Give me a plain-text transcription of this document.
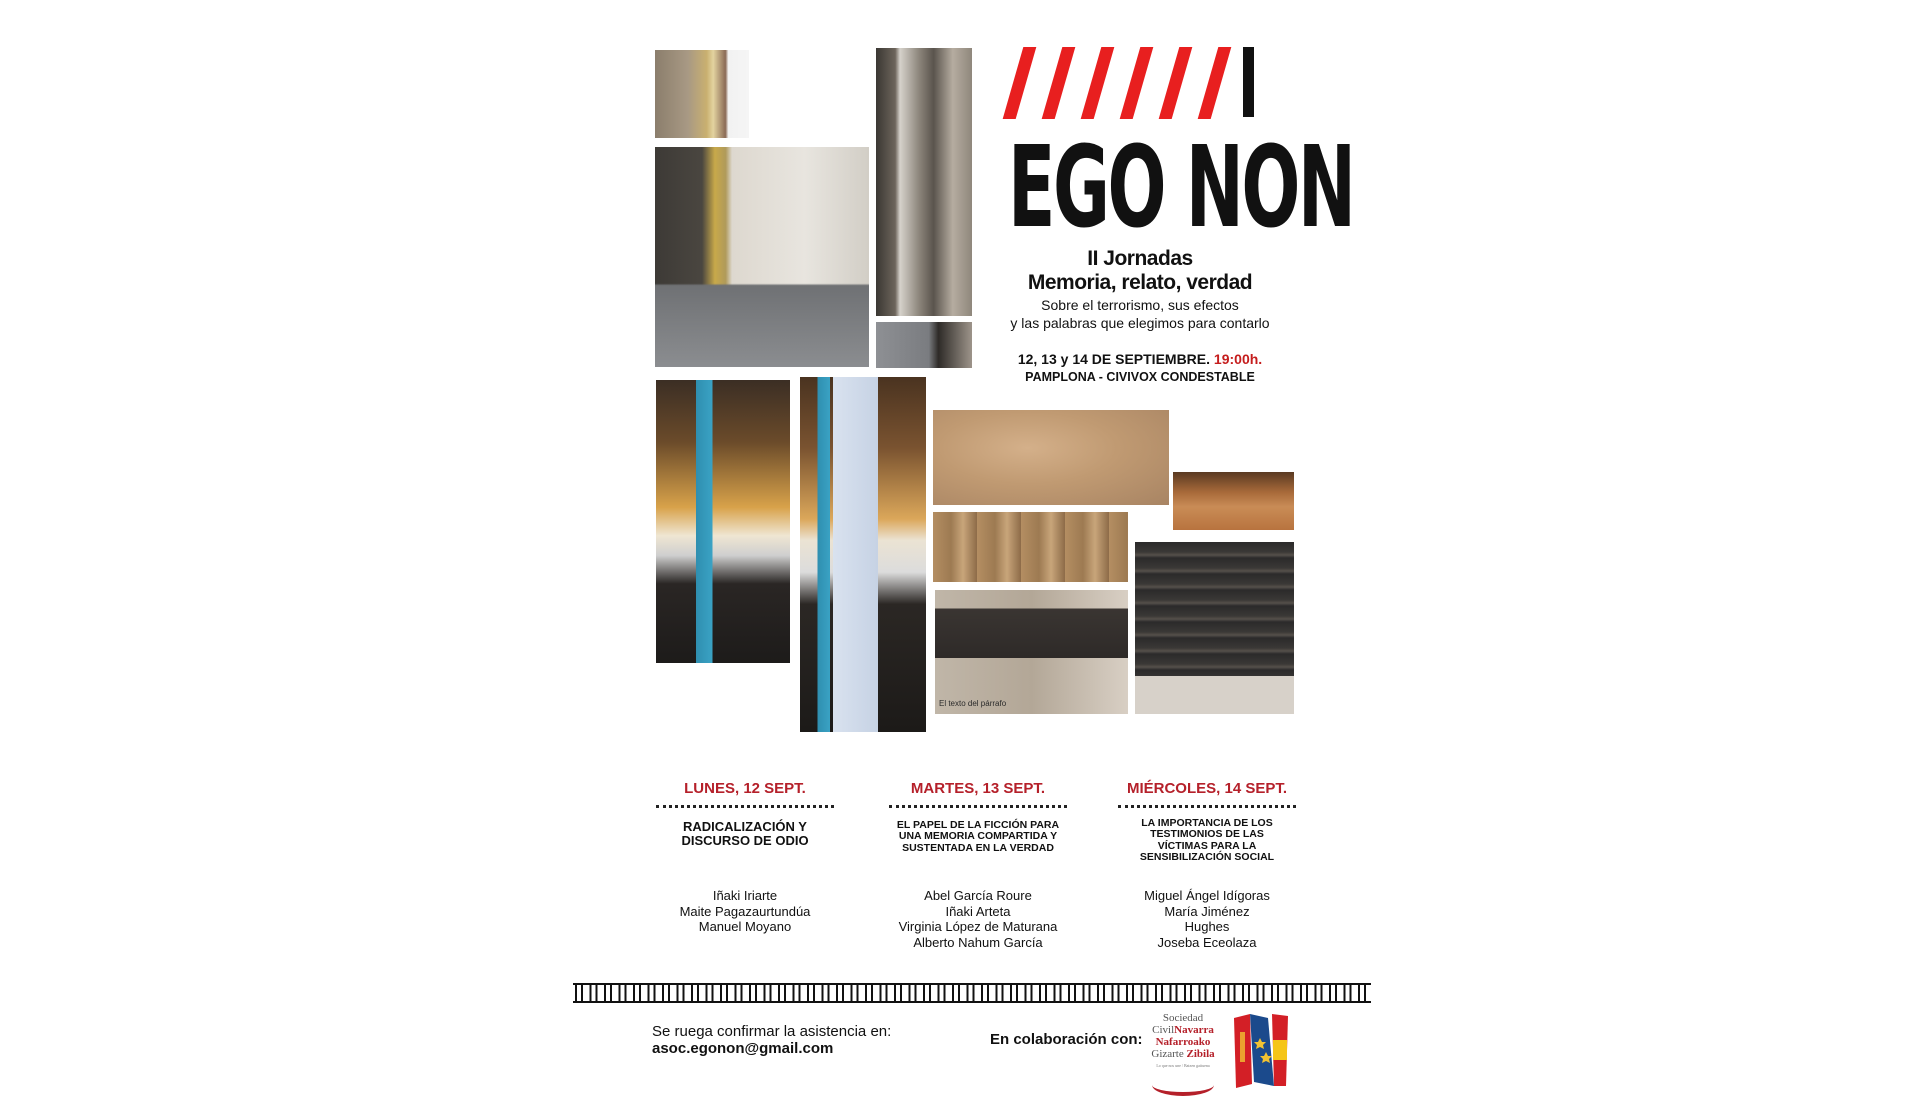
El texto del párrafo
EGO NON
II Jornadas
Memoria, relato, verdad
Sobre el terrorismo, sus efectos
y las palabras que elegimos para contarlo
12, 13 y 14 DE SEPTIEMBRE. 19:00h.
PAMPLONA - CIVIVOX CONDESTABLE
LUNES, 12 SEPT.
RADICALIZACIÓN Y
DISCURSO DE ODIO
Iñaki Iriarte
Maite Pagazaurtundúa
Manuel Moyano
MARTES, 13 SEPT.
EL PAPEL DE LA FICCIÓN PARA
UNA MEMORIA COMPARTIDA Y
SUSTENTADA EN LA VERDAD
Abel García Roure
Iñaki Arteta
Virginia López de Maturana
Alberto Nahum García
MIÉRCOLES, 14 SEPT.
LA IMPORTANCIA DE LOS
TESTIMONIOS DE LAS
VÍCTIMAS PARA LA
SENSIBILIZACIÓN SOCIAL
Miguel Ángel Idígoras
María Jiménez
Hughes
Joseba Eceolaza
Se ruega confirmar la asistencia en:
asoc.egonon@gmail.com
En colaboración con:
Sociedad
CivilNavarra
Nafarroako
Gizarte Zibila
Lo que nos une / Batzen gaituena
